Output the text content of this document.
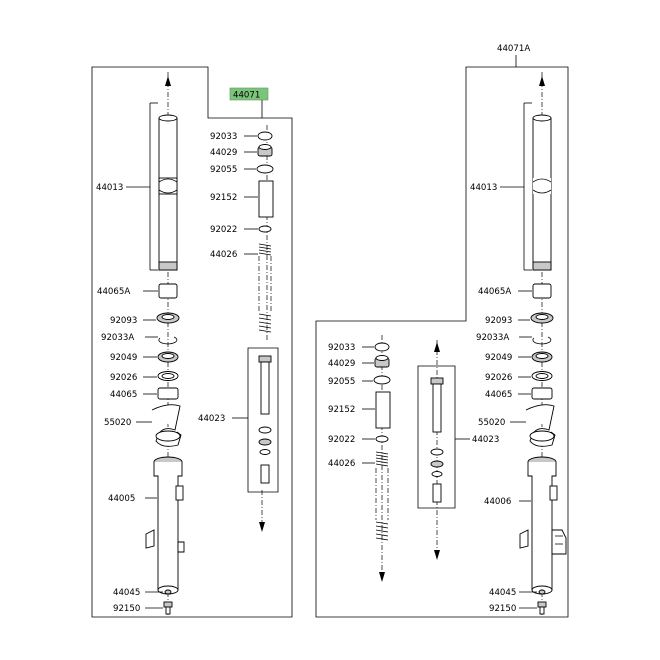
44071
44013
44065A
92093
92033A
92049
92026
44065
55020
44005
44045
92150
92033
44029
92055
92152
92022
44026
44023
44071A
44013
44065A
92093
92033A
92049
92026
44065
55020
44006
44045
92150
92033
44029
92055
92152
92022
44026
44023
